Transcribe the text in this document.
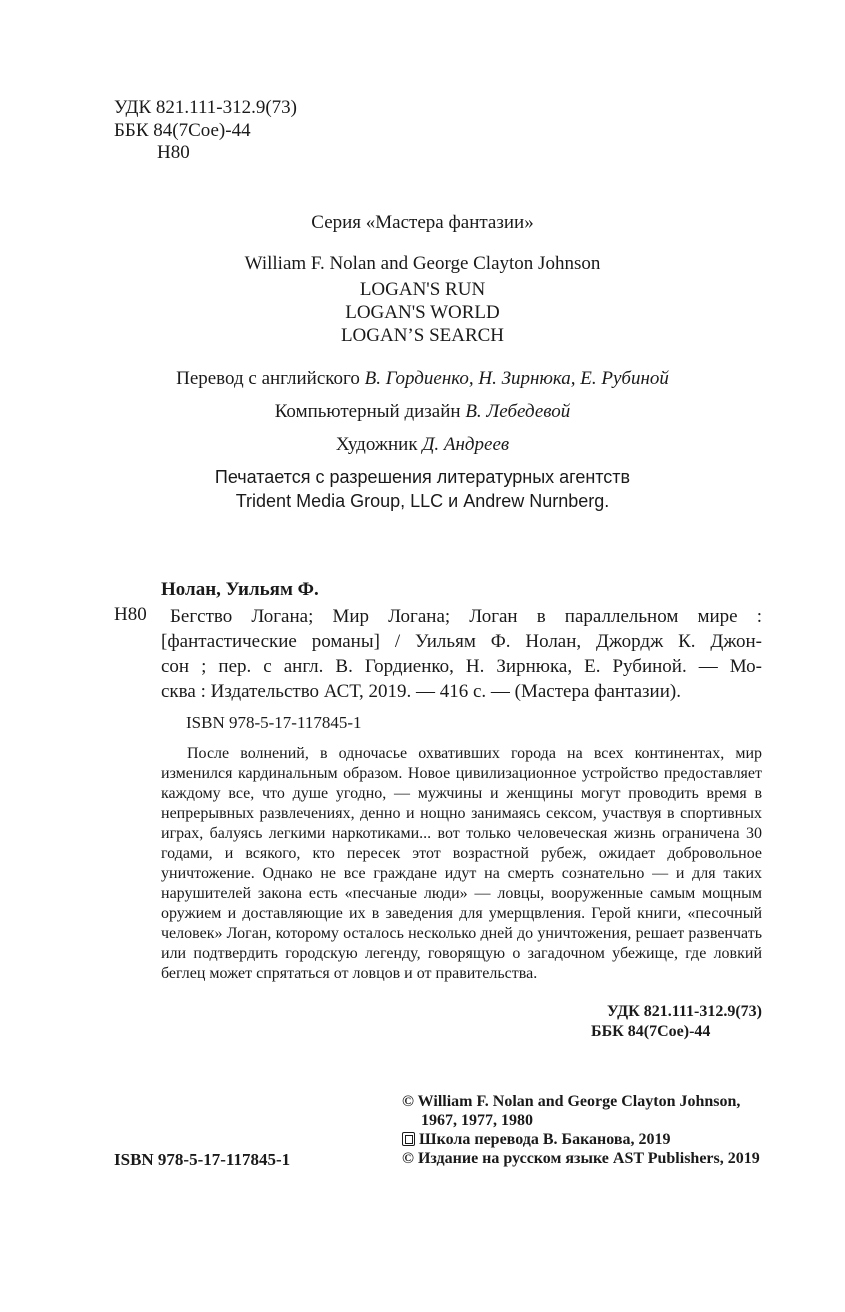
УДК 821.111-312.9(73)
ББК 84(7Сое)-44
Н80
Серия «Мастера фантазии»
William F. Nolan and George Clayton Johnson
LOGAN'S RUN
LOGAN'S WORLD
LOGAN’S SEARCH
Перевод с английского В. Гордиенко, Н. Зирнюка, Е. Рубиной
Компьютерный дизайн В. Лебедевой
Художник Д. Андреев
Печатается с разрешения литературных агентств
Trident Media Group, LLC и Andrew Nurnberg.
Нолан, Уильям Ф.
Н80 Бегство Логана; Мир Логана; Логан в параллельном мире :
[фантастические романы] / Уильям Ф. Нолан, Джордж К. Джон-
сон ; пер. с англ. В. Гордиенко, Н. Зирнюка, Е. Рубиной. — Мо-
сква : Издательство АСТ, 2019. — 416 с. — (Мастера фантазии).
ISBN 978-5-17-117845-1

После волнений, в одночасье охвативших города на всех континентах, мир изменился кардинальным образом. Новое цивилизационное устройство предоставляет каждому все, что душе угодно, — мужчины и женщины могут проводить время в непрерывных развлечениях, денно и нощно занимаясь сексом, участвуя в спортивных играх, балуясь легкими наркотиками... вот только человеческая жизнь ограничена 30 годами, и всякого, кто пересек этот возрастной рубеж, ожидает добровольное уничтожение. Однако не все граждане идут на смерть сознательно — и для таких нарушителей закона есть «песчаные люди» — ловцы, вооруженные самым мощным оружием и доставляющие их в заведения для умерщвления. Герой книги, «песочный человек» Логан, которому осталось несколько дней до уничтожения, решает развенчать или подтвердить городскую легенду, говорящую о загадочном убежище, где ловкий беглец может спрятаться от ловцов и от правительства.

УДК 821.111-312.9(73)
ББК 84(7Сое)-44
© William F. Nolan and George Clayton Johnson,
1967, 1977, 1980
Школа перевода В. Баканова, 2019
© Издание на русском языке AST Publishers, 2019
ISBN 978-5-17-117845-1
